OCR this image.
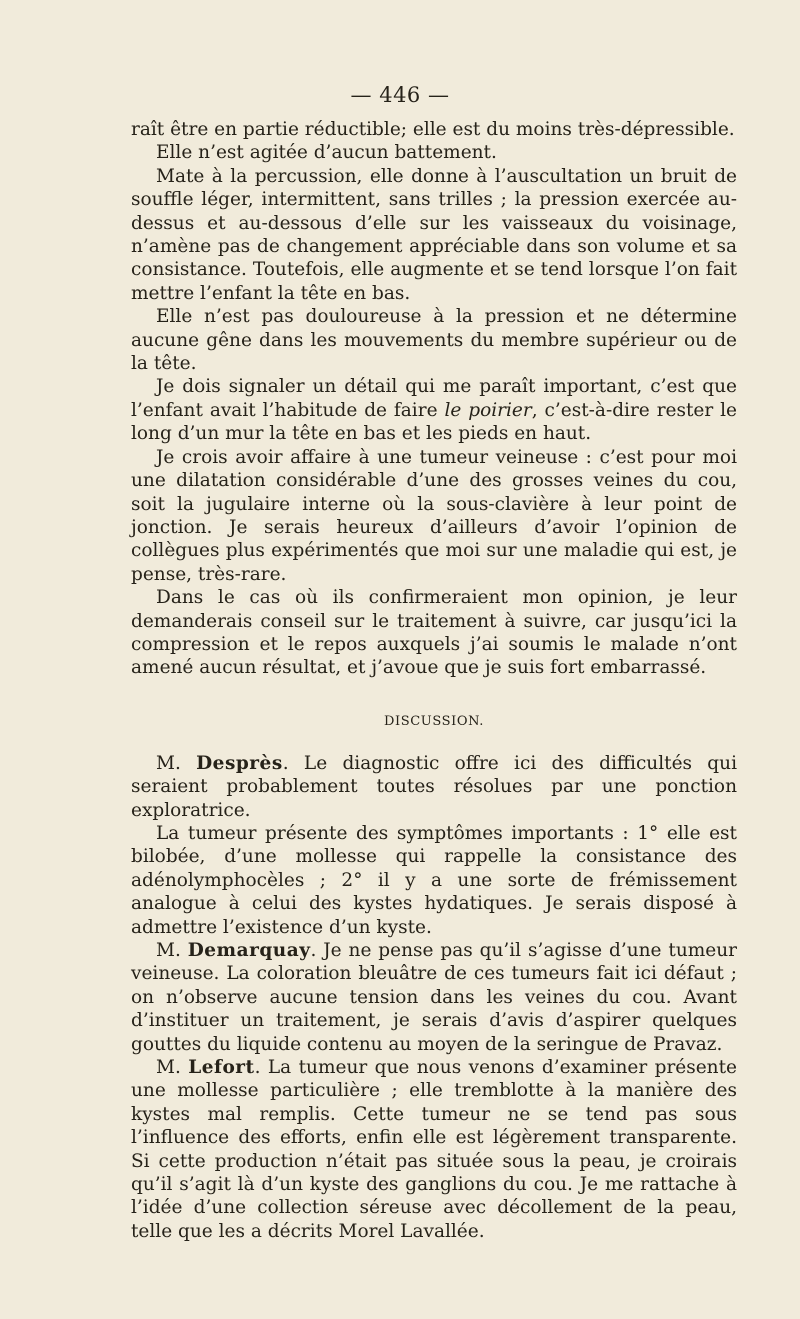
— 446 —

raît être en partie réductible; elle est du moins très-dépressible.

Elle n’est agitée d’aucun battement.

Mate à la percussion, elle donne à l’auscultation un bruit de souffle léger, intermittent, sans trilles ; la pression exercée au-dessus et au-dessous d’elle sur les vaisseaux du voisinage, n’amène pas de changement appréciable dans son volume et sa consistance. Toutefois, elle augmente et se tend lorsque l’on fait mettre l’enfant la tête en bas.

Elle n’est pas douloureuse à la pression et ne détermine aucune gêne dans les mouvements du membre supérieur ou de la tête.

Je dois signaler un détail qui me paraît important, c’est que l’enfant avait l’habitude de faire le poirier, c’est-à-dire rester le long d’un mur la tête en bas et les pieds en haut.

Je crois avoir affaire à une tumeur veineuse : c’est pour moi une dilatation considérable d’une des grosses veines du cou, soit la jugulaire interne où la sous-clavière à leur point de jonction. Je serais heureux d’ailleurs d’avoir l’opinion de collègues plus expérimentés que moi sur une maladie qui est, je pense, très-rare.

Dans le cas où ils confirmeraient mon opinion, je leur demanderais conseil sur le traitement à suivre, car jusqu’ici la compression et le repos auxquels j’ai soumis le malade n’ont amené aucun résultat, et j’avoue que je suis fort embarrassé.

DISCUSSION.

M. Desprès. Le diagnostic offre ici des difficultés qui seraient probablement toutes résolues par une ponction exploratrice.

La tumeur présente des symptômes importants : 1° elle est bilobée, d’une mollesse qui rappelle la consistance des adénolymphocèles ; 2° il y a une sorte de frémissement analogue à celui des kystes hydatiques. Je serais disposé à admettre l’existence d’un kyste.

M. Demarquay. Je ne pense pas qu’il s’agisse d’une tumeur veineuse. La coloration bleuâtre de ces tumeurs fait ici défaut ; on n’observe aucune tension dans les veines du cou. Avant d’instituer un traitement, je serais d’avis d’aspirer quelques gouttes du liquide contenu au moyen de la seringue de Pravaz.

M. Lefort. La tumeur que nous venons d’examiner présente une mollesse particulière ; elle tremblotte à la manière des kystes mal remplis. Cette tumeur ne se tend pas sous l’influence des efforts, enfin elle est légèrement transparente. Si cette production n’était pas située sous la peau, je croirais qu’il s’agit là d’un kyste des ganglions du cou. Je me rattache à l’idée d’une collection séreuse avec décollement de la peau, telle que les a décrits Morel Lavallée.
